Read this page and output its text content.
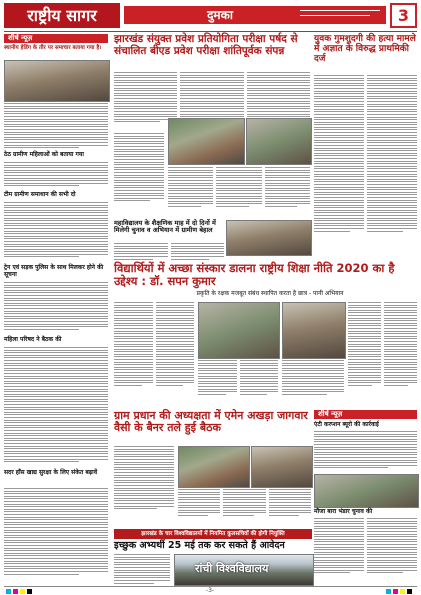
राष्ट्रीय सागर	दुमका	3
शीर्ष न्यूज़
स्थानीय हेडिंग के तौर पर समाचार बताया गया है।
ठेठ ग्रामीण महिलाओं को बताया गया
टीम ग्रामीण समाधान की सभी दो
ट्रेन एवं सड़क पुलिस के साथ मिलकर होने की सूचना
महिला परिषद ने बैठक की
सदर हाँस खाद्य सुरक्षा के लिए संकेत बढ़ावें
झारखंड संयुक्त प्रवेश प्रतियोगिता परीक्षा पर्षद से संचालित बीएड प्रवेश परीक्षा शांतिपूर्वक संपन्न
महाविद्यालय के शैक्षणिक माह में दो दिनों में मिलेगी चुनाव व अभियान में ग्रामीण बेहाल
युवक गुमशुदगी की हत्या मामले में अज्ञात के विरुद्ध प्राथमिकी दर्ज
विद्यार्थियों में अच्छा संस्कार डालना राष्ट्रीय शिक्षा नीति 2020 का है उद्देश्य : डॉ. सपन कुमार
प्रकृति के रक्षक मजबूत संबंध स्थापित करता है छात्र - पानी अभियान
ग्राम प्रधान की अध्यक्षता में एमेन अखड़ा जागवार वैसी के बैनर तले हुई बैठक
शीर्ष न्यूज़
एंटी करप्शन ब्यूरो की कार्रवाई
मौजा बारा भंडार चुनाव की
झारखंड के चार विश्वविद्यालयों में नियमित कुलसचिवों की होगी नियुक्ति
इच्छुक अभ्यर्थी 25 मई तक कर सकते हैं आवेदन
रांची विश्वविद्यालय
-3-
